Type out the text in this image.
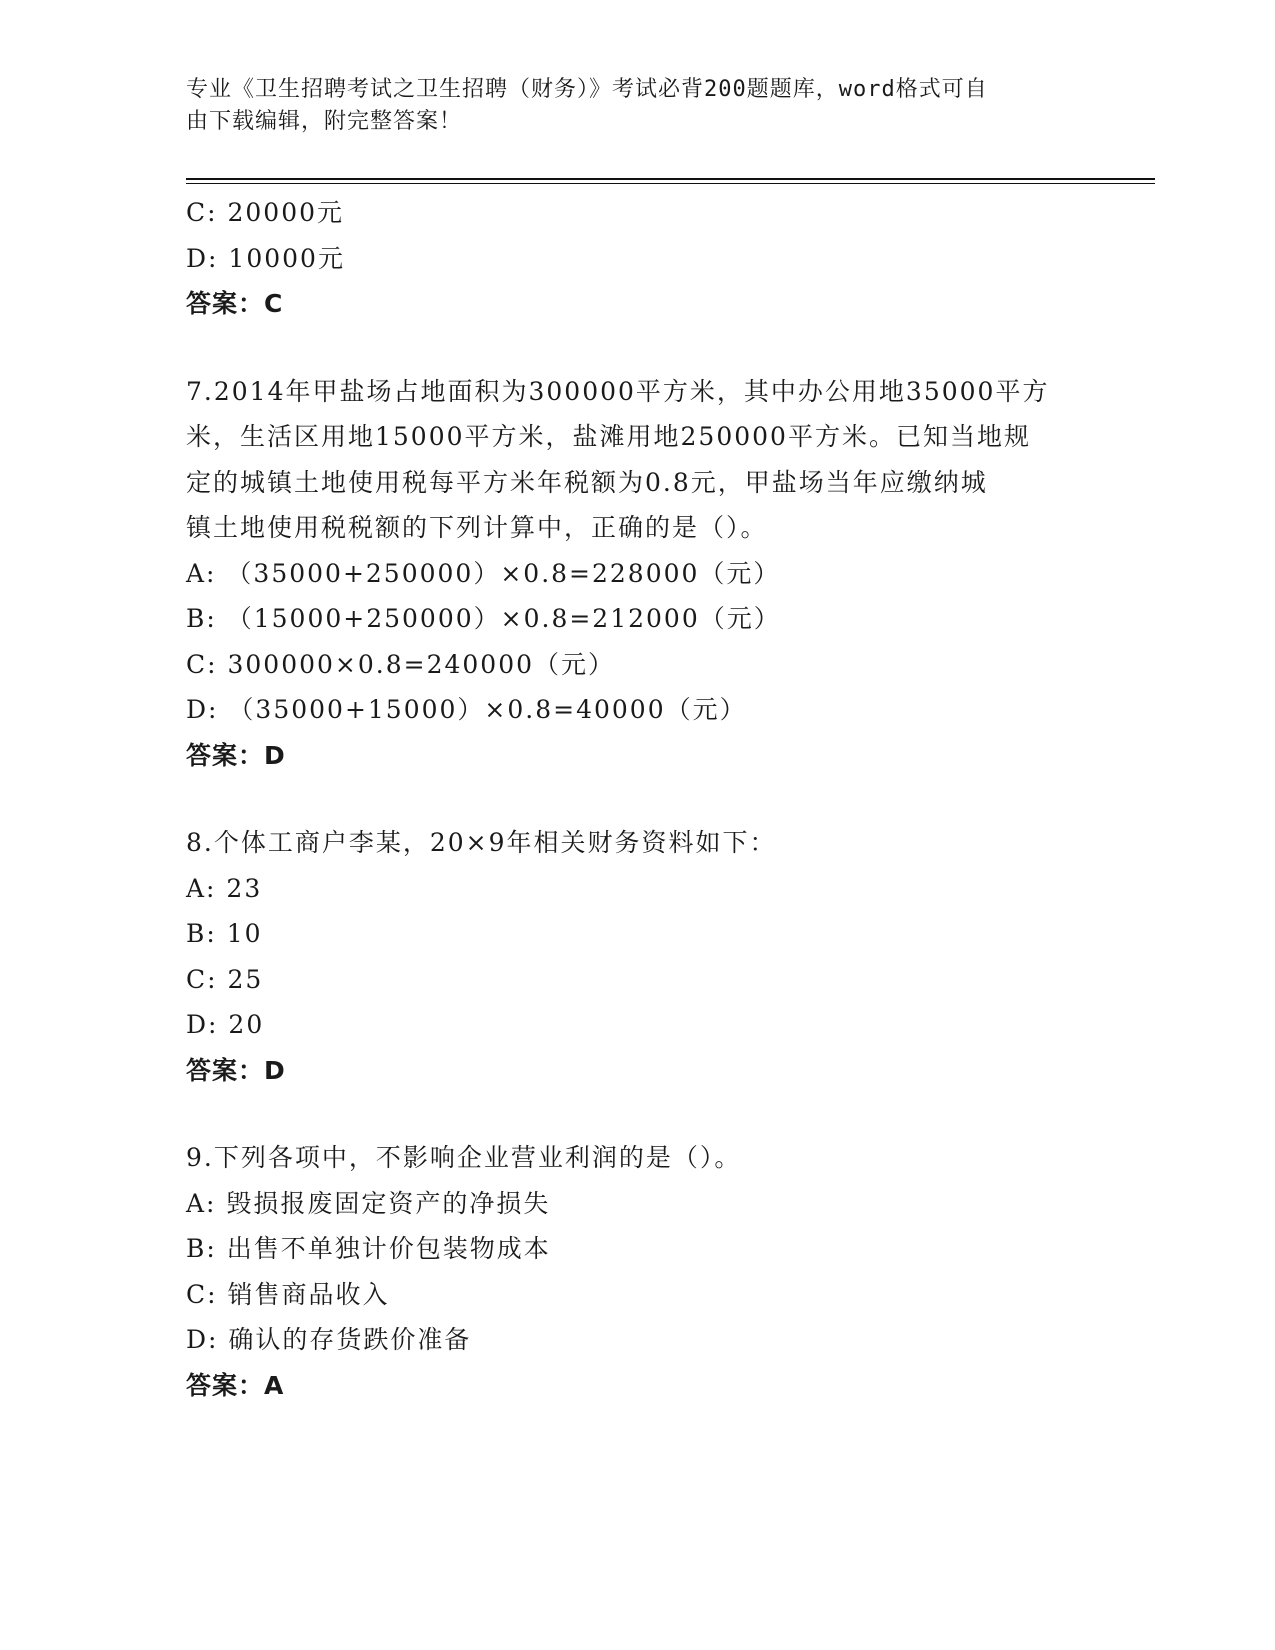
专业《卫生招聘考试之卫生招聘（财务）》考试必背200题题库，word格式可自
由下载编辑，附完整答案！
C: 20000元
D: 10000元
答案：C
7.2014年甲盐场占地面积为300000平方米，其中办公用地35000平方
米，生活区用地15000平方米，盐滩用地250000平方米。已知当地规
定的城镇土地使用税每平方米年税额为0.8元，甲盐场当年应缴纳城
镇土地使用税税额的下列计算中，正确的是（）。
A: （35000+250000）×0.8=228000（元）
B: （15000+250000）×0.8=212000（元）
C: 300000×0.8=240000（元）
D: （35000+15000）×0.8=40000（元）
答案：D
8.个体工商户李某，20×9年相关财务资料如下：
A: 23
B: 10
C: 25
D: 20
答案：D
9.下列各项中，不影响企业营业利润的是（）。
A: 毁损报废固定资产的净损失
B: 出售不单独计价包装物成本
C: 销售商品收入
D: 确认的存货跌价准备
答案：A
